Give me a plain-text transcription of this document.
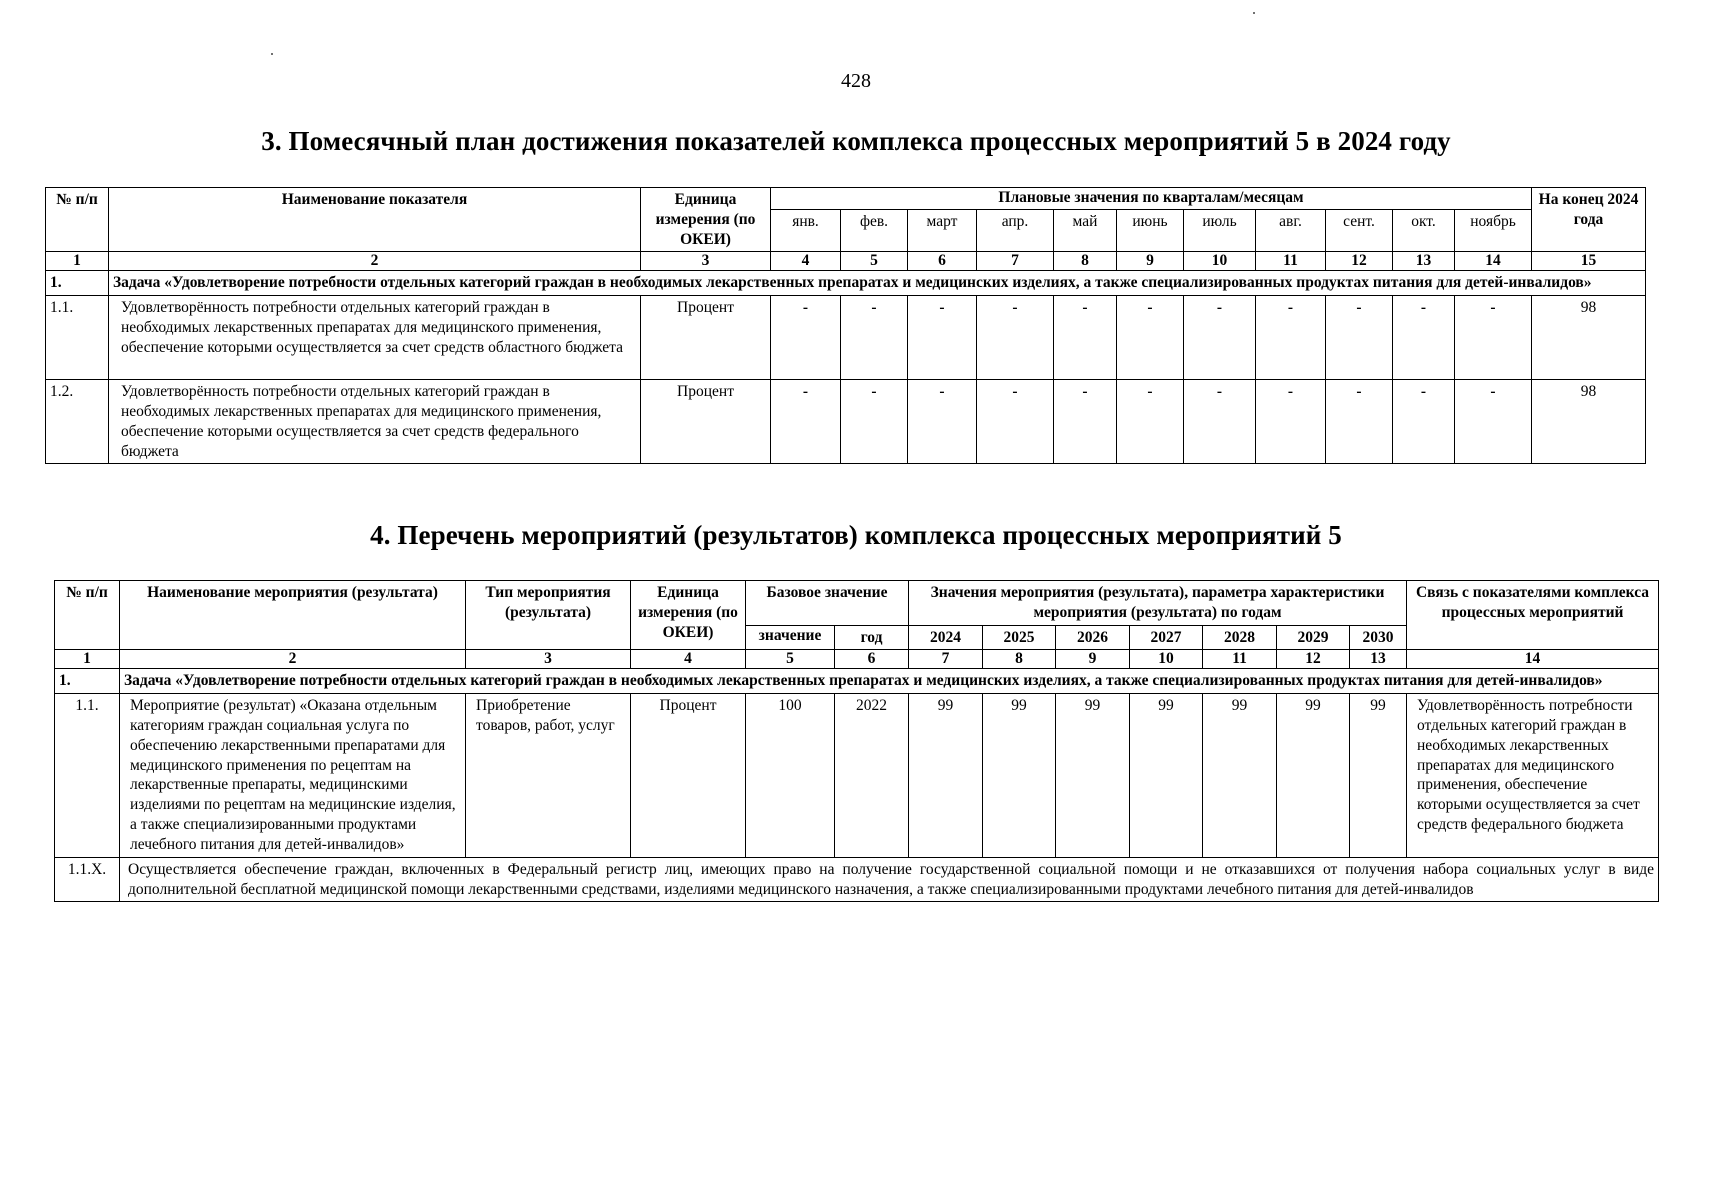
428
3. Помесячный план достижения показателей комплекса процессных мероприятий 5 в 2024 году
№ п/п	Наименование показателя	Единица измерения (по ОКЕИ)	Плановые значения по кварталам/месяцам											На конец 2024 года
			янв.	фев.	март	апр.	май	июнь	июль	авг.	сент.	окт.	ноябрь	
1	2	3	4	5	6	7	8	9	10	11	12	13	14	15
1.	Задача «Удовлетворение потребности отдельных категорий граждан в необходимых лекарственных препаратах и медицинских изделиях, а также специализированных продуктах питания для детей-инвалидов»													
1.1.	Удовлетворённость потребности отдельных категорий граждан в необходимых лекарственных препаратах для медицинского применения, обеспечение которыми осуществляется за счет средств областного бюджета	Процент	-	-	-	-	-	-	-	-	-	-	-	98
1.2.	Удовлетворённость потребности отдельных категорий граждан в необходимых лекарственных препаратах для медицинского применения, обеспечение которыми осуществляется за счет средств федерального бюджета	Процент	-	-	-	-	-	-	-	-	-	-	-	98
4. Перечень мероприятий (результатов) комплекса процессных мероприятий 5
№ п/п	Наименование мероприятия (результата)	Тип мероприятия (результата)	Единица измерения (по ОКЕИ)	Базовое значение		Значения мероприятия (результата), параметра характеристики мероприятия (результата) по годам							Связь с показателями комплекса процессных мероприятий
				значение	год	2024	2025	2026	2027	2028	2029	2030	
1	2	3	4	5	6	7	8	9	10	11	12	13	14
1.	Задача «Удовлетворение потребности отдельных категорий граждан в необходимых лекарственных препаратах и медицинских изделиях, а также специализированных продуктах питания для детей-инвалидов»												
1.1.	Мероприятие (результат) «Оказана отдельным категориям граждан социальная услуга по обеспечению лекарственными препаратами для медицинского применения по рецептам на лекарственные препараты, медицинскими изделиями по рецептам на медицинские изделия, а также специализированными продуктами лечебного питания для детей-инвалидов»	Приобретение товаров, работ, услуг	Процент	100	2022	99	99	99	99	99	99	99	Удовлетворённость потребности отдельных категорий граждан в необходимых лекарственных препаратах для медицинского применения, обеспечение которыми осуществляется за счет средств федерального бюджета
1.1.X.	Осуществляется обеспечение граждан, включенных в Федеральный регистр лиц, имеющих право на получение государственной социальной помощи и не отказавшихся от получения набора социальных услуг в виде дополнительной бесплатной медицинской помощи лекарственными средствами, изделиями медицинского назначения, а также специализированными продуктами лечебного питания для детей-инвалидов												
